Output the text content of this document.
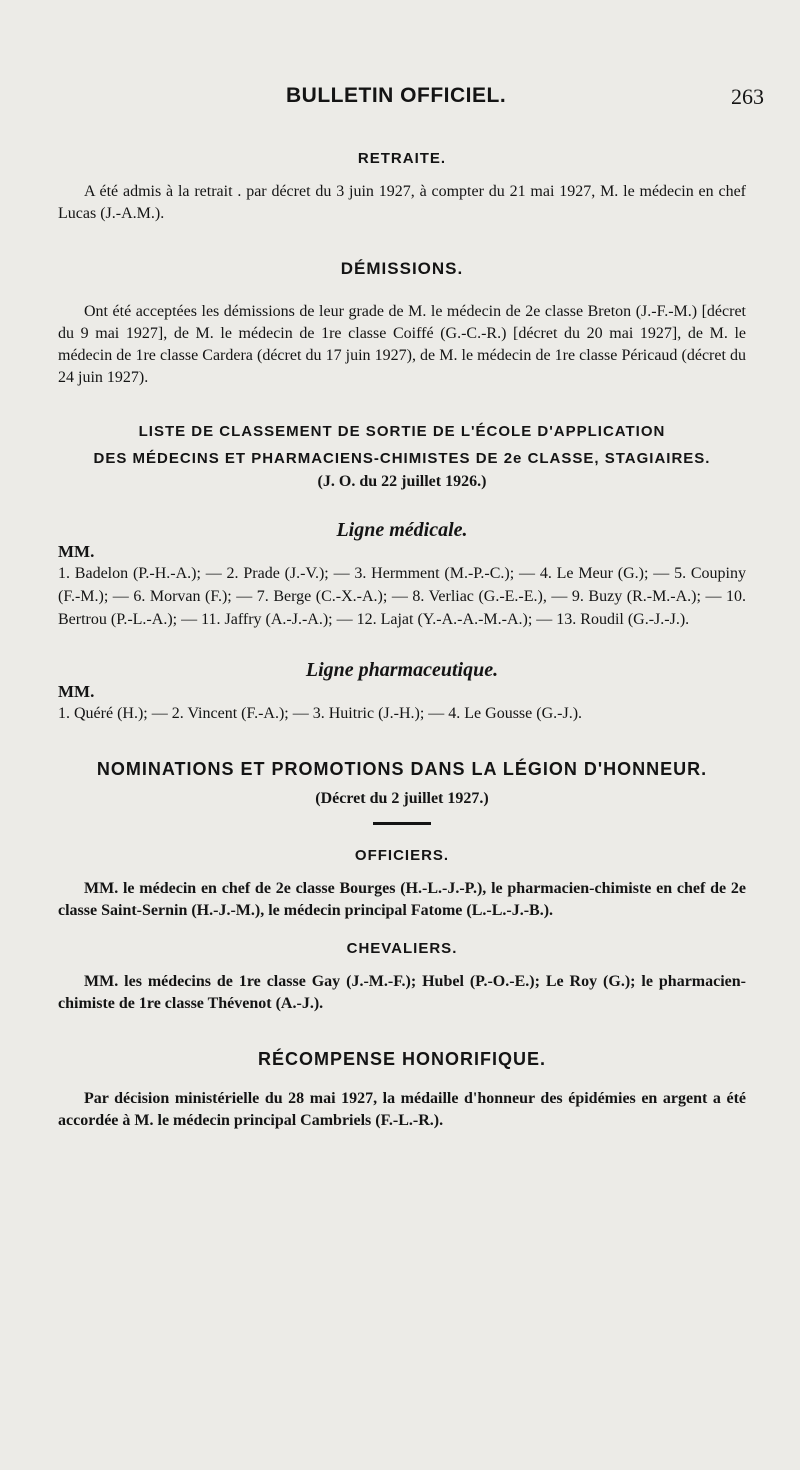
BULLETIN OFFICIEL.	263
RETRAITE.

A été admis à la retrait . par décret du 3 juin 1927, à compter du 21 mai 1927, M. le médecin en chef Lucas (J.-A.M.).

DÉMISSIONS.

Ont été acceptées les démissions de leur grade de M. le médecin de 2e classe Breton (J.-F.-M.) [décret du 9 mai 1927], de M. le médecin de 1re classe Coiffé (G.-C.-R.) [décret du 20 mai 1927], de M. le médecin de 1re classe Cardera (décret du 17 juin 1927), de M. le médecin de 1re classe Péricaud (décret du 24 juin 1927).

LISTE DE CLASSEMENT DE SORTIE DE L'ÉCOLE D'APPLICATION
DES MÉDECINS ET PHARMACIENS-CHIMISTES DE 2e CLASSE, STAGIAIRES.
(J. O. du 22 juillet 1926.)
Ligne médicale.

MM.

1. Badelon (P.-H.-A.); — 2. Prade (J.-V.); — 3. Hermment (M.-P.-C.); — 4. Le Meur (G.); — 5. Coupiny (F.-M.); — 6. Morvan (F.); — 7. Berge (C.-X.-A.); — 8. Verliac (G.-E.-E.), — 9. Buzy (R.-M.-A.); — 10. Bertrou (P.-L.-A.); — 11. Jaffry (A.-J.-A.); — 12. Lajat (Y.-A.-A.-M.-A.); — 13. Roudil (G.-J.-J.).

Ligne pharmaceutique.

MM.

1. Quéré (H.); — 2. Vincent (F.-A.); — 3. Huitric (J.-H.); — 4. Le Gousse (G.-J.).

NOMINATIONS ET PROMOTIONS DANS LA LÉGION D'HONNEUR.
(Décret du 2 juillet 1927.)
OFFICIERS.

MM. le médecin en chef de 2e classe Bourges (H.-L.-J.-P.), le pharmacien-chimiste en chef de 2e classe Saint-Sernin (H.-J.-M.), le médecin principal Fatome (L.-L.-J.-B.).

CHEVALIERS.

MM. les médecins de 1re classe Gay (J.-M.-F.); Hubel (P.-O.-E.); Le Roy (G.); le pharmacien-chimiste de 1re classe Thévenot (A.-J.).

RÉCOMPENSE HONORIFIQUE.

Par décision ministérielle du 28 mai 1927, la médaille d'honneur des épidémies en argent a été accordée à M. le médecin principal Cambriels (F.-L.-R.).
